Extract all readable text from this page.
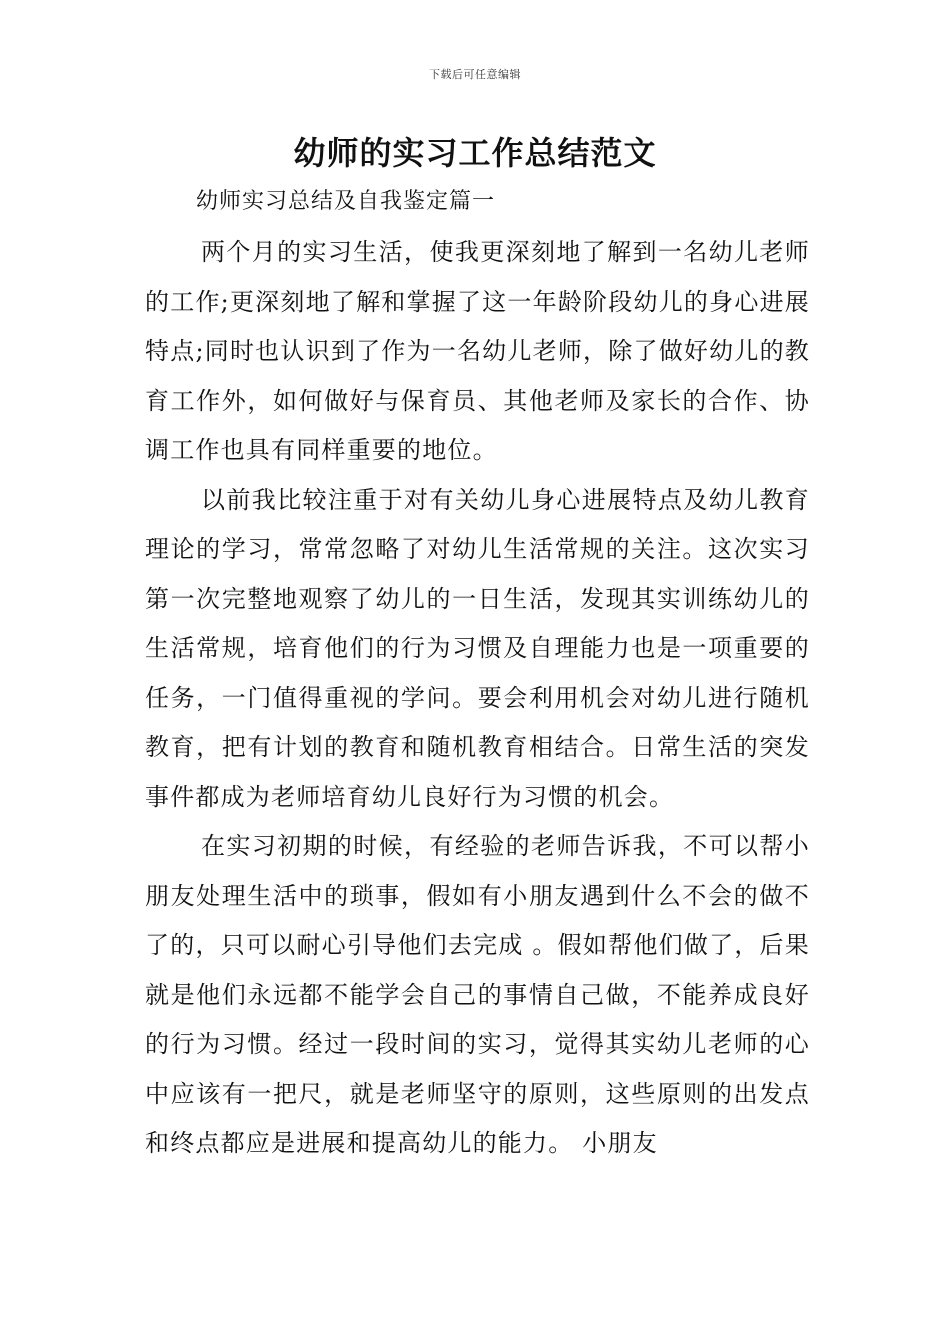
下载后可任意编辑
幼师的实习工作总结范文
幼师实习总结及自我鉴定篇一

两个月的实习生活，使我更深刻地了解到一名幼儿老师的工作;更深刻地了解和掌握了这一年龄阶段幼儿的身心进展特点;同时也认识到了作为一名幼儿老师，除了做好幼儿的教育工作外，如何做好与保育员、其他老师及家长的合作、协调工作也具有同样重要的地位。

以前我比较注重于对有关幼儿身心进展特点及幼儿教育理论的学习，常常忽略了对幼儿生活常规的关注。这次实习第一次完整地观察了幼儿的一日生活，发现其实训练幼儿的生活常规，培育他们的行为习惯及自理能力也是一项重要的任务，一门值得重视的学问。要会利用机会对幼儿进行随机教育，把有计划的教育和随机教育相结合。日常生活的突发事件都成为老师培育幼儿良好行为习惯的机会。

在实习初期的时候，有经验的老师告诉我，不可以帮小朋友处理生活中的琐事，假如有小朋友遇到什么不会的做不了的，只可以耐心引导他们去完成 。假如帮他们做了，后果就是他们永远都不能学会自己的事情自己做，不能养成良好的行为习惯。经过一段时间的实习，觉得其实幼儿老师的心中应该有一把尺，就是老师坚守的原则，这些原则的出发点和终点都应是进展和提高幼儿的能力。 小朋友
